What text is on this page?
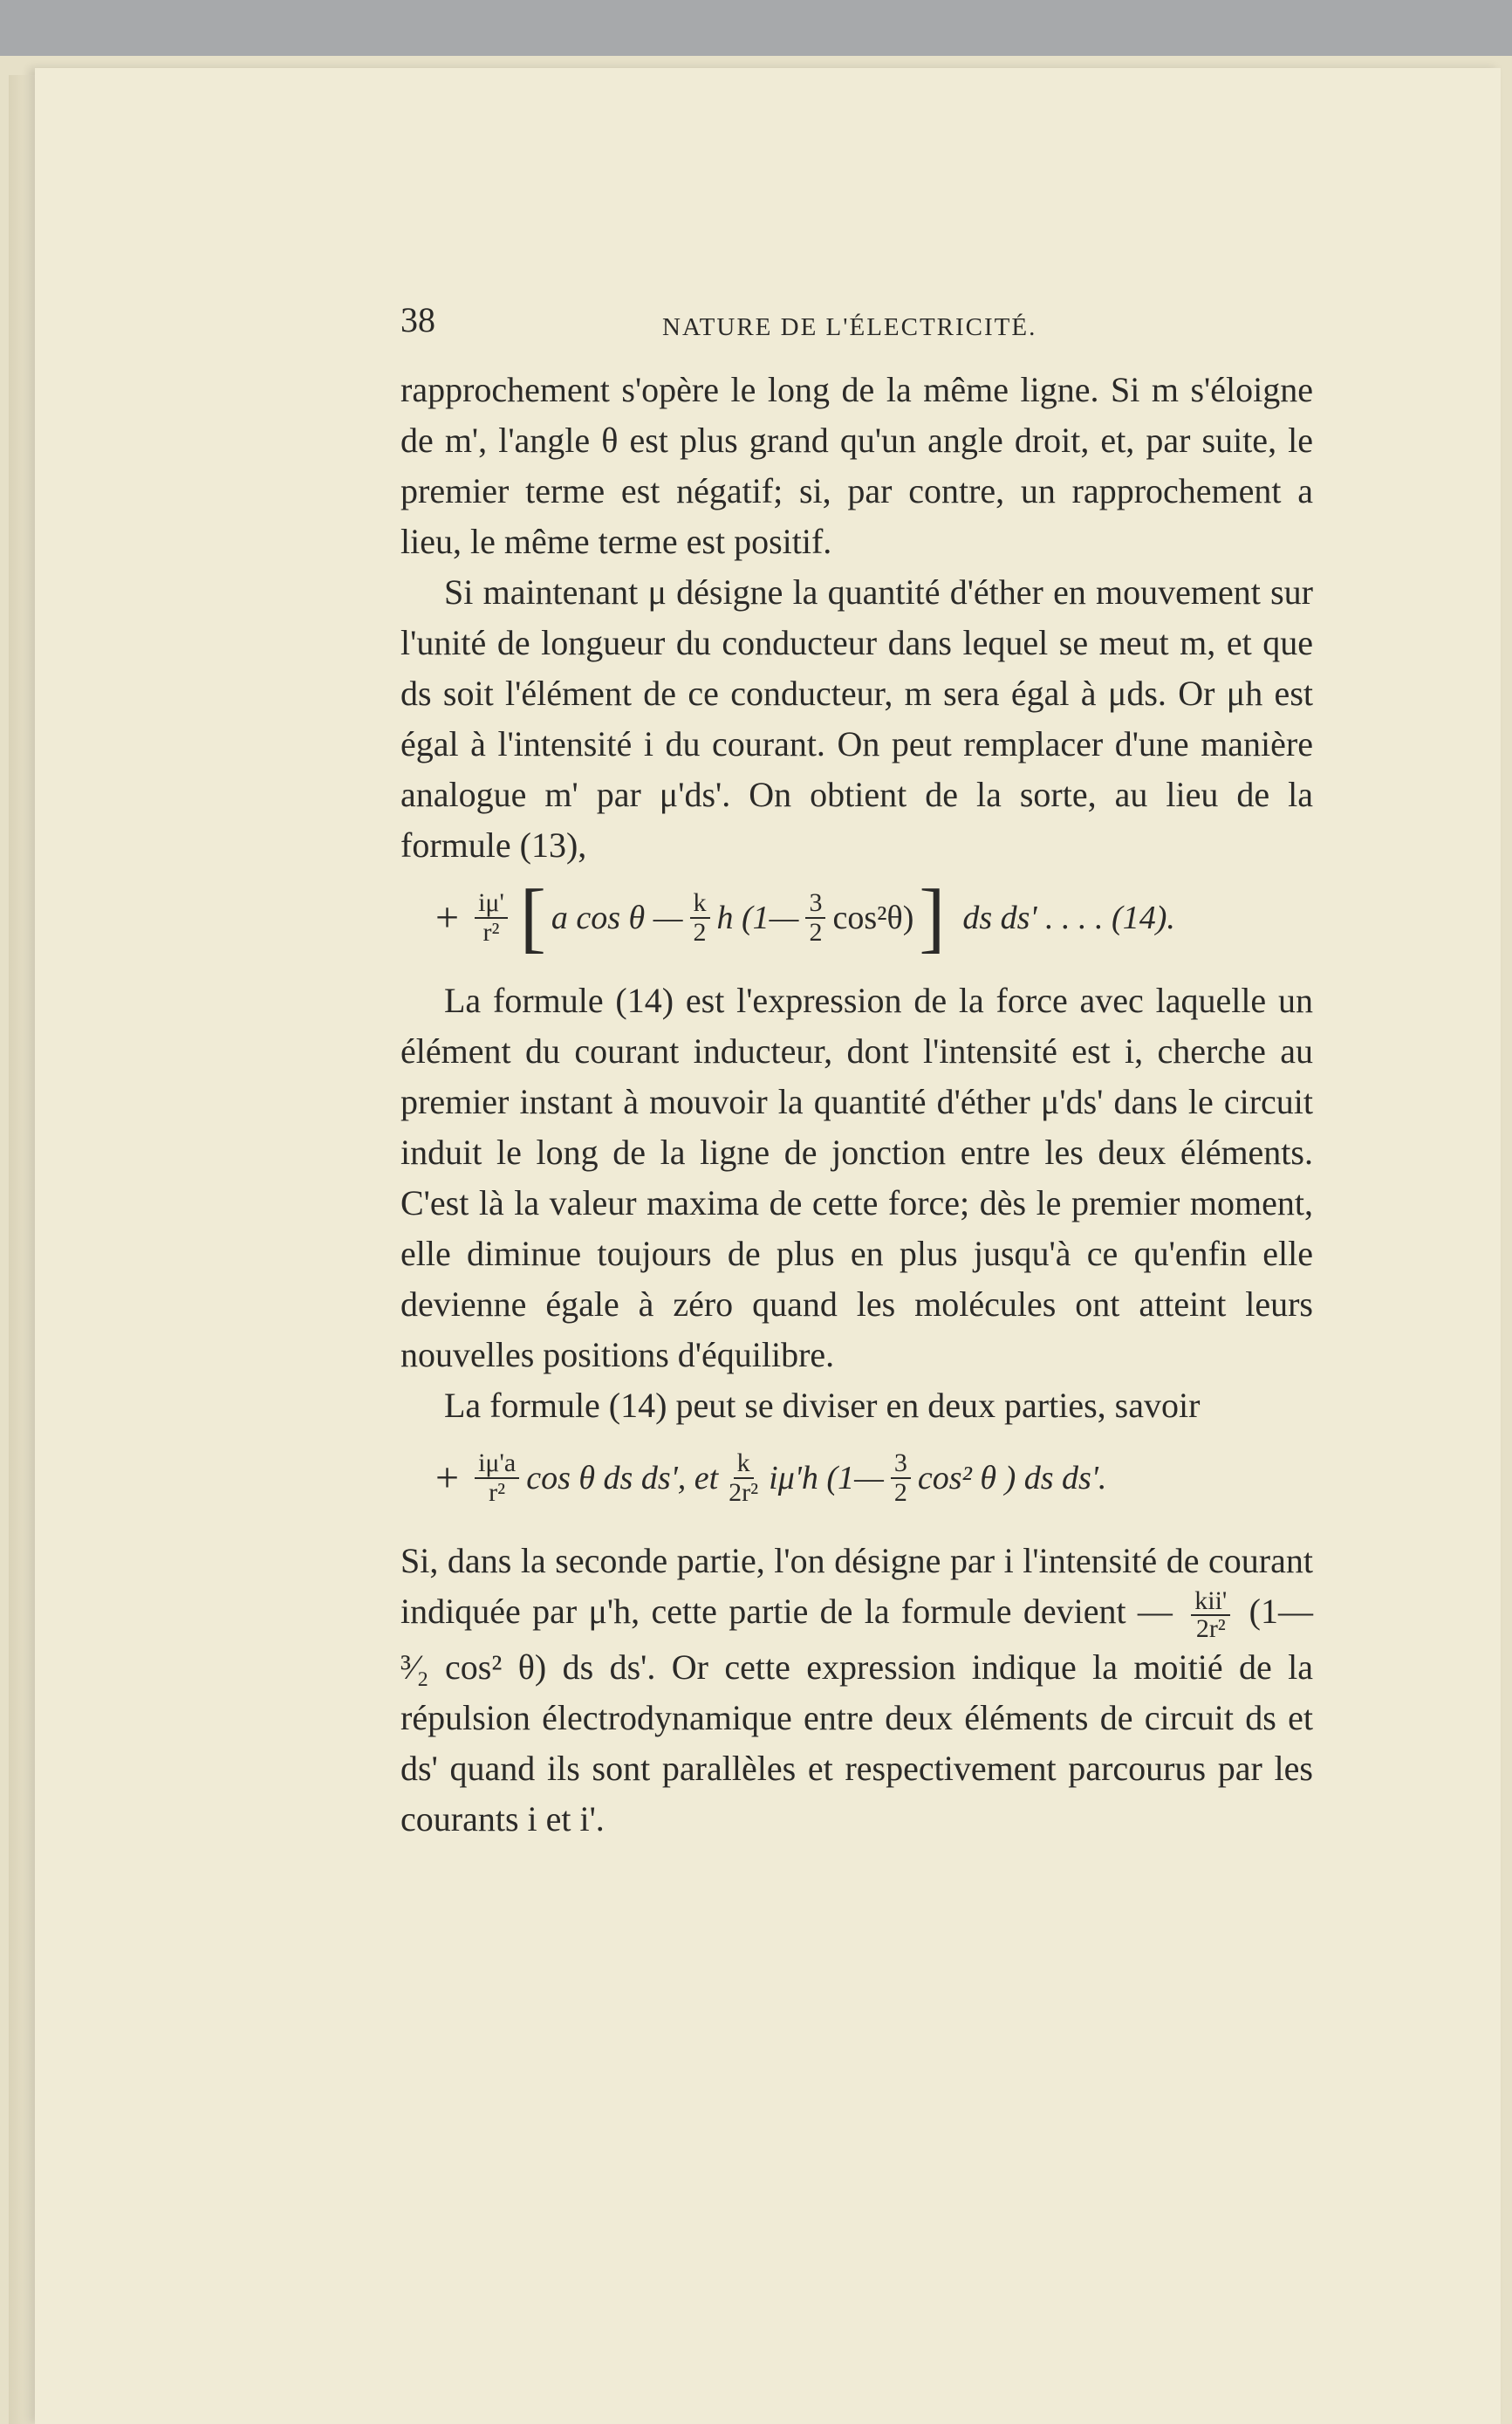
38	NATURE DE L'ÉLECTRICITÉ.

rapprochement s'opère le long de la même ligne. Si m s'éloigne de m', l'angle θ est plus grand qu'un angle droit, et, par suite, le premier terme est négatif; si, par contre, un rapprochement a lieu, le même terme est positif.

Si maintenant μ désigne la quantité d'éther en mouvement sur l'unité de longueur du conducteur dans lequel se meut m, et que ds soit l'élément de ce conducteur, m sera égal à μds. Or μh est égal à l'intensité i du courant. On peut remplacer d'une manière analogue m' par μ'ds'. On obtient de la sorte, au lieu de la formule (13),

+ $\frac{i\mu'}{\text{r²}}$ [ a cos θ — $\frac{k}{2}$ h (1— $\frac{3}{2} \cos^2\theta$) ] ds ds' . . . . (14).

La formule (14) est l'expression de la force avec laquelle un élément du courant inducteur, dont l'intensité est i, cherche au premier instant à mouvoir la quantité d'éther μ'ds' dans le circuit induit le long de la ligne de jonction entre les deux éléments. C'est là la valeur maxima de cette force; dès le premier moment, elle diminue toujours de plus en plus jusqu'à ce qu'enfin elle devienne égale à zéro quand les molécules ont atteint leurs nouvelles positions d'équilibre.

La formule (14) peut se diviser en deux parties, savoir

+ $\frac{i\mu'a}{\text{r²}}$ cos θ ds ds', et $\frac{k}{\text{2r²}} i\mu'h$ (1— $\frac{3}{2} \cos^2$ θ ) ds ds'.

Si, dans la seconde partie, l'on désigne par i l'intensité de courant indiquée par μ'h, cette partie de la formule devient — $\frac{\text{kii'}}{\text{2r²}}$ (1— ³⁄₂ cos² θ) ds ds'. Or cette expression indique la moitié de la répulsion électrodynamique entre deux éléments de circuit ds et ds' quand ils sont parallèles et respectivement parcourus par les courants i et i'.
